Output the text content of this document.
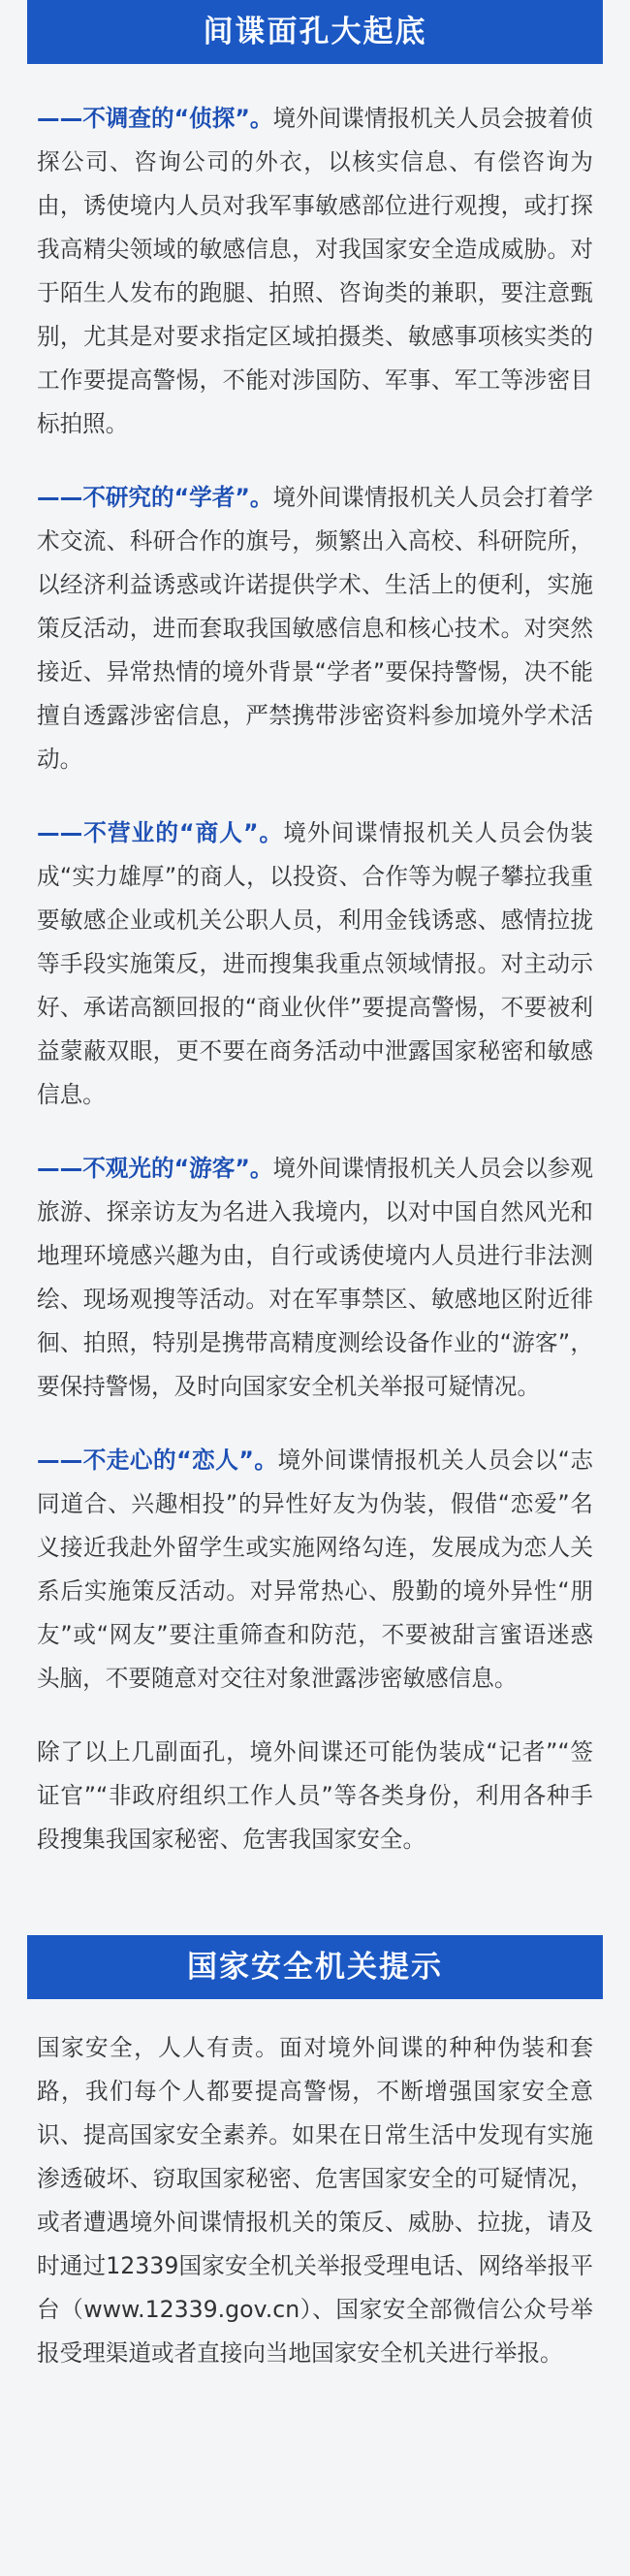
间谍面孔大起底

——不调查的“侦探”。境外间谍情报机关人员会披着侦探公司、咨询公司的外衣，以核实信息、有偿咨询为由，诱使境内人员对我军事敏感部位进行观搜，或打探我高精尖领域的敏感信息，对我国家安全造成威胁。对于陌生人发布的跑腿、拍照、咨询类的兼职，要注意甄别，尤其是对要求指定区域拍摄类、敏感事项核实类的工作要提高警惕，不能对涉国防、军事、军工等涉密目标拍照。

——不研究的“学者”。境外间谍情报机关人员会打着学术交流、科研合作的旗号，频繁出入高校、科研院所，以经济利益诱惑或许诺提供学术、生活上的便利，实施策反活动，进而套取我国敏感信息和核心技术。对突然接近、异常热情的境外背景“学者”要保持警惕，决不能擅自透露涉密信息，严禁携带涉密资料参加境外学术活动。

——不营业的“商人”。境外间谍情报机关人员会伪装成“实力雄厚”的商人，以投资、合作等为幌子攀拉我重要敏感企业或机关公职人员，利用金钱诱惑、感情拉拢等手段实施策反，进而搜集我重点领域情报。对主动示好、承诺高额回报的“商业伙伴”要提高警惕，不要被利益蒙蔽双眼，更不要在商务活动中泄露国家秘密和敏感信息。

——不观光的“游客”。境外间谍情报机关人员会以参观旅游、探亲访友为名进入我境内，以对中国自然风光和地理环境感兴趣为由，自行或诱使境内人员进行非法测绘、现场观搜等活动。对在军事禁区、敏感地区附近徘徊、拍照，特别是携带高精度测绘设备作业的“游客”，要保持警惕，及时向国家安全机关举报可疑情况。

——不走心的“恋人”。境外间谍情报机关人员会以“志同道合、兴趣相投”的异性好友为伪装，假借“恋爱”名义接近我赴外留学生或实施网络勾连，发展成为恋人关系后实施策反活动。对异常热心、殷勤的境外异性“朋友”或“网友”要注重筛查和防范，不要被甜言蜜语迷惑头脑，不要随意对交往对象泄露涉密敏感信息。

除了以上几副面孔，境外间谍还可能伪装成“记者”“签证官”“非政府组织工作人员”等各类身份，利用各种手段搜集我国家秘密、危害我国家安全。

国家安全机关提示

国家安全，人人有责。面对境外间谍的种种伪装和套路，我们每个人都要提高警惕，不断增强国家安全意识、提高国家安全素养。如果在日常生活中发现有实施渗透破坏、窃取国家秘密、危害国家安全的可疑情况，或者遭遇境外间谍情报机关的策反、威胁、拉拢，请及时通过12339国家安全机关举报受理电话、网络举报平台（www.12339.gov.cn）、国家安全部微信公众号举报受理渠道或者直接向当地国家安全机关进行举报。
